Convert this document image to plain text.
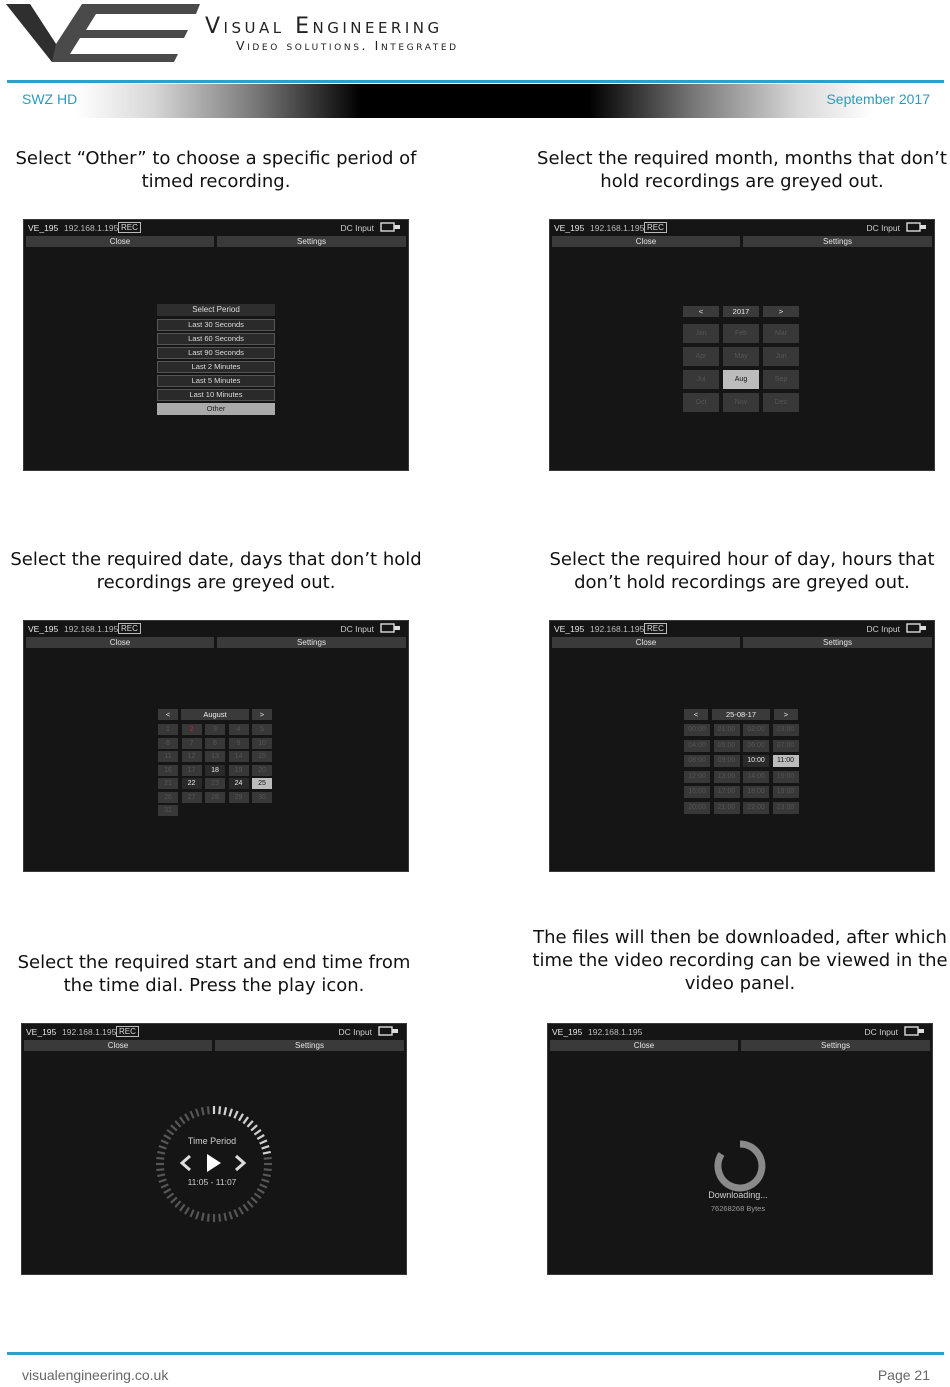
Visual Engineering
Video solutions. Integrated
SWZ HD	September 2017
Select “Other” to choose a specific period of timed recording.
Select the required month, months that don’t hold recordings are greyed out.
Select the required date, days that don’t hold recordings are greyed out.
Select the required hour of day, hours that don’t hold recordings are greyed out.
Select the required start and end time from the time dial. Press the play icon.
The files will then be downloaded, after which time the video recording can be viewed in the video panel.
VE_195 192.168.1.195 REC	DC Input
Close	Settings
Select Period
Last 30 Seconds
Last 60 Seconds
Last 90 Seconds
Last 2 Minutes
Last 5 Minutes
Last 10 Minutes
Other
VE_195 192.168.1.195 REC	DC Input
Close	Settings
<	2017	>
Jan	Feb	Mar
Apr	May	Jun
Jul	Aug	Sep
Oct	Nov	Dec
VE_195 192.168.1.195 REC	DC Input
Close	Settings
<	August	>
1	2	3	4	5
6	7	8	9	10
11	12	13	14	15
16	17	18	19	20
21	22	23	24	25
26	27	28	29	30
31
VE_195 192.168.1.195 REC	DC Input
Close	Settings
<	25-08-17	>
00:00	01:00	02:00	03:00
04:00	05:00	06:00	07:00
08:00	09:00	10:00	11:00
12:00	13:00	14:00	15:00
16:00	17:00	18:00	19:00
20:00	21:00	22:00	23:00
VE_195 192.168.1.195 REC	DC Input
Close	Settings
Time Period
11:05 - 11:07
VE_195 192.168.1.195	DC Input
Close	Settings
Downloading...
76268268 Bytes
visualengineering.co.uk	Page 21
